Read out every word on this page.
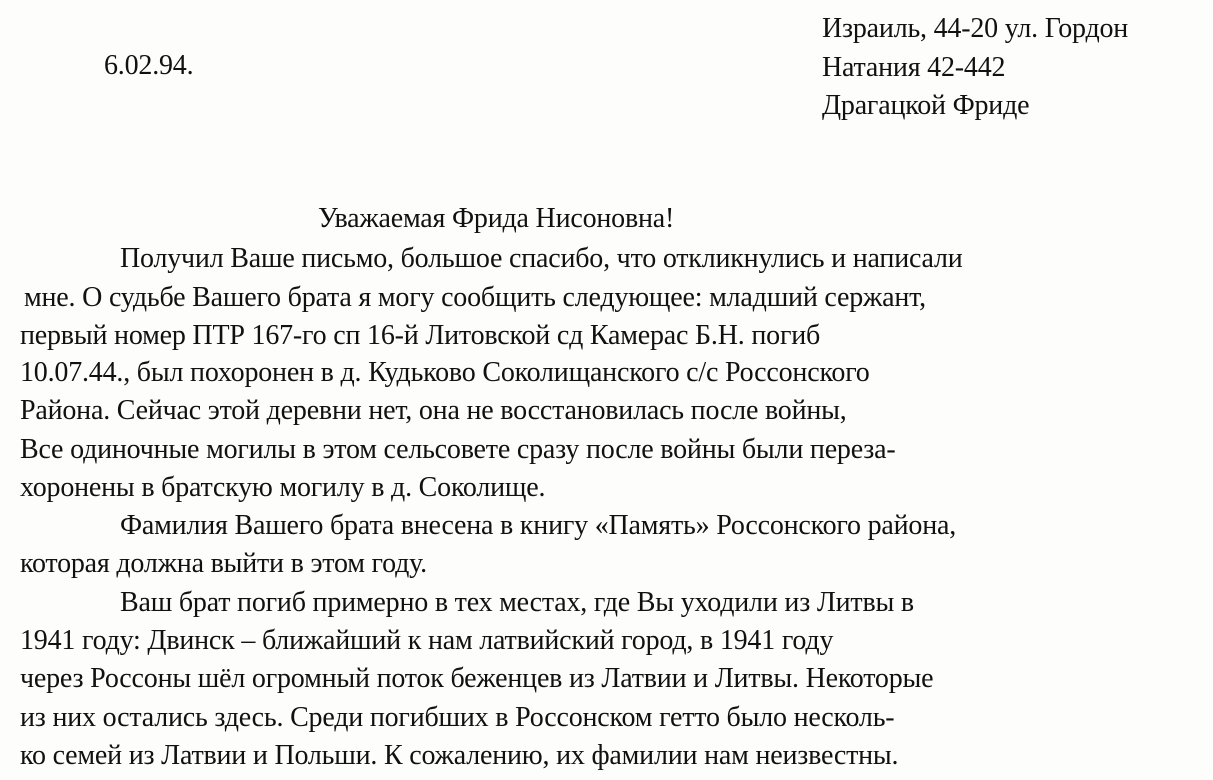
6.02.94.
Израиль, 44-20 ул. Гордон
Натания 42-442
Драгацкой Фриде
Уважаемая Фрида Нисоновна!
Получил Ваше письмо, большое спасибо, что откликнулись и написали
мне. О судьбе Вашего брата я могу сообщить следующее: младший сержант,
первый номер ПТР 167-го сп 16-й Литовской сд Камерас Б.Н. погиб
10.07.44., был похоронен в д. Кудьково Соколищанского с/с Россонского
Района. Сейчас этой деревни нет, она не восстановилась после войны,
Все одиночные могилы в этом сельсовете сразу после войны были переза-
хоронены в братскую могилу в д. Соколище.
Фамилия Вашего брата внесена в книгу «Память» Россонского района,
которая должна выйти в этом году.
Ваш брат погиб примерно в тех местах, где Вы уходили из Литвы в
1941 году: Двинск – ближайший к нам латвийский город, в 1941 году
через Россоны шёл огромный поток беженцев из Латвии и Литвы. Некоторые
из них остались здесь. Среди погибших в Россонском гетто было несколь-
ко семей из Латвии и Польши. К сожалению, их фамилии нам неизвестны.
